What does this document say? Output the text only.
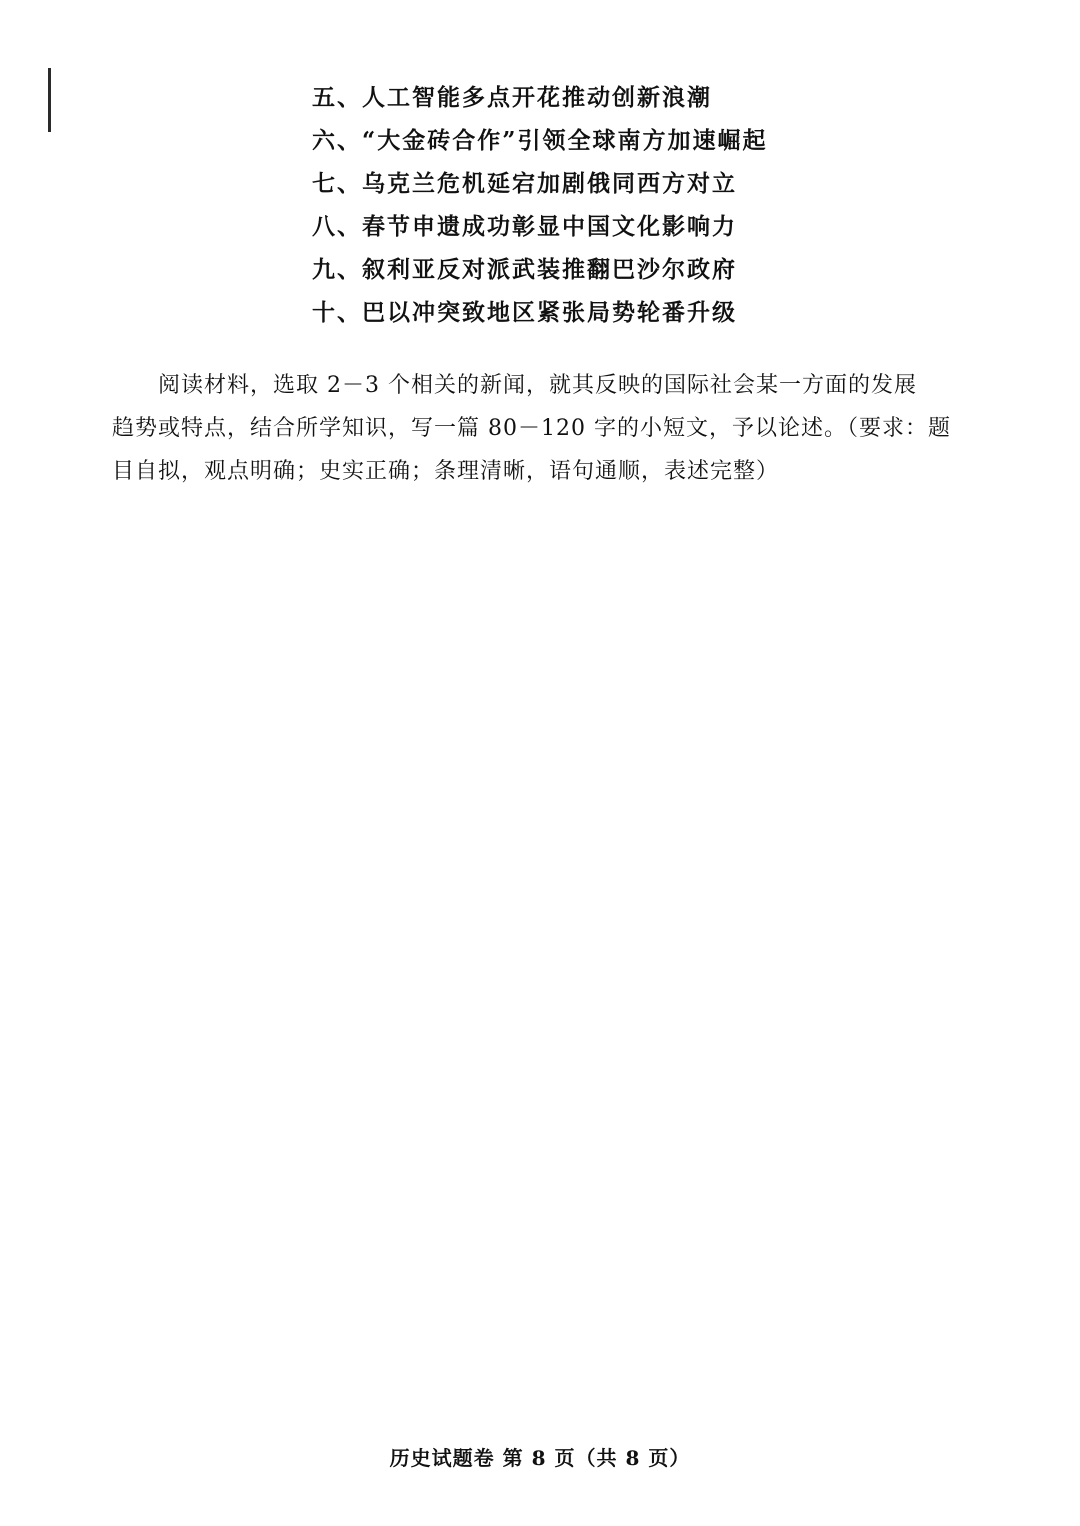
五、人工智能多点开花推动创新浪潮
六、“大金砖合作”引领全球南方加速崛起
七、乌克兰危机延宕加剧俄同西方对立
八、春节申遗成功彰显中国文化影响力
九、叙利亚反对派武装推翻巴沙尔政府
十、巴以冲突致地区紧张局势轮番升级
阅读材料，选取 2－3 个相关的新闻，就其反映的国际社会某一方面的发展
趋势或特点，结合所学知识，写一篇 80－120 字的小短文，予以论述。（要求：题
目自拟，观点明确；史实正确；条理清晰，语句通顺，表述完整）
历史试题卷 第 8 页（共 8 页）
